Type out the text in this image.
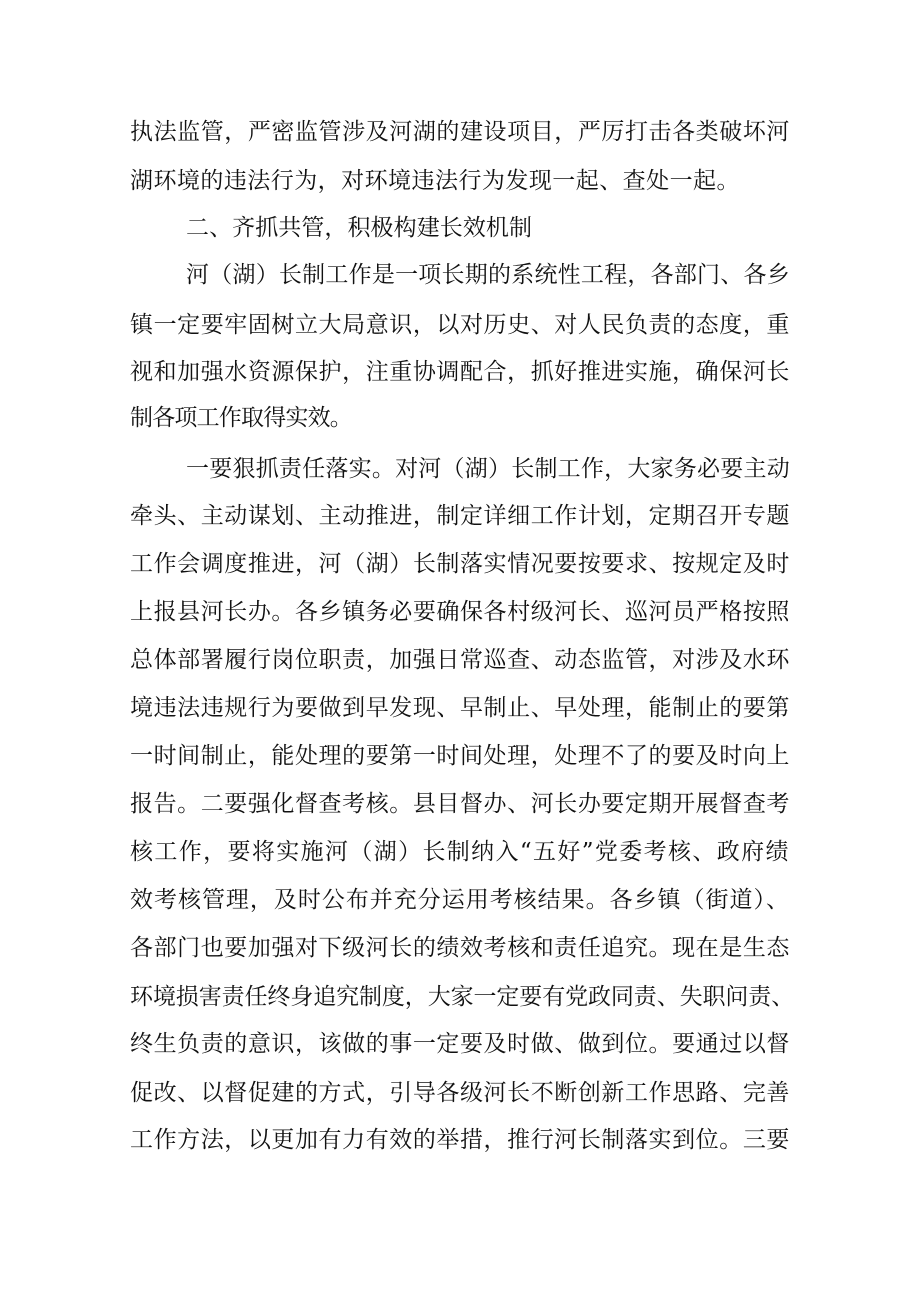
执法监管，严密监管涉及河湖的建设项目，严厉打击各类破坏河
湖环境的违法行为，对环境违法行为发现一起、查处一起。
二、齐抓共管，积极构建长效机制
河（湖）长制工作是一项长期的系统性工程，各部门、各乡
镇一定要牢固树立大局意识，以对历史、对人民负责的态度，重
视和加强水资源保护，注重协调配合，抓好推进实施，确保河长
制各项工作取得实效。
一要狠抓责任落实。对河（湖）长制工作，大家务必要主动
牵头、主动谋划、主动推进，制定详细工作计划，定期召开专题
工作会调度推进，河（湖）长制落实情况要按要求、按规定及时
上报县河长办。各乡镇务必要确保各村级河长、巡河员严格按照
总体部署履行岗位职责，加强日常巡查、动态监管，对涉及水环
境违法违规行为要做到早发现、早制止、早处理，能制止的要第
一时间制止，能处理的要第一时间处理，处理不了的要及时向上
报告。二要强化督查考核。县目督办、河长办要定期开展督查考
核工作，要将实施河（湖）长制纳入“五好”党委考核、政府绩
效考核管理，及时公布并充分运用考核结果。各乡镇（街道）、
各部门也要加强对下级河长的绩效考核和责任追究。现在是生态
环境损害责任终身追究制度，大家一定要有党政同责、失职问责、
终生负责的意识，该做的事一定要及时做、做到位。要通过以督
促改、以督促建的方式，引导各级河长不断创新工作思路、完善
工作方法，以更加有力有效的举措，推行河长制落实到位。三要
